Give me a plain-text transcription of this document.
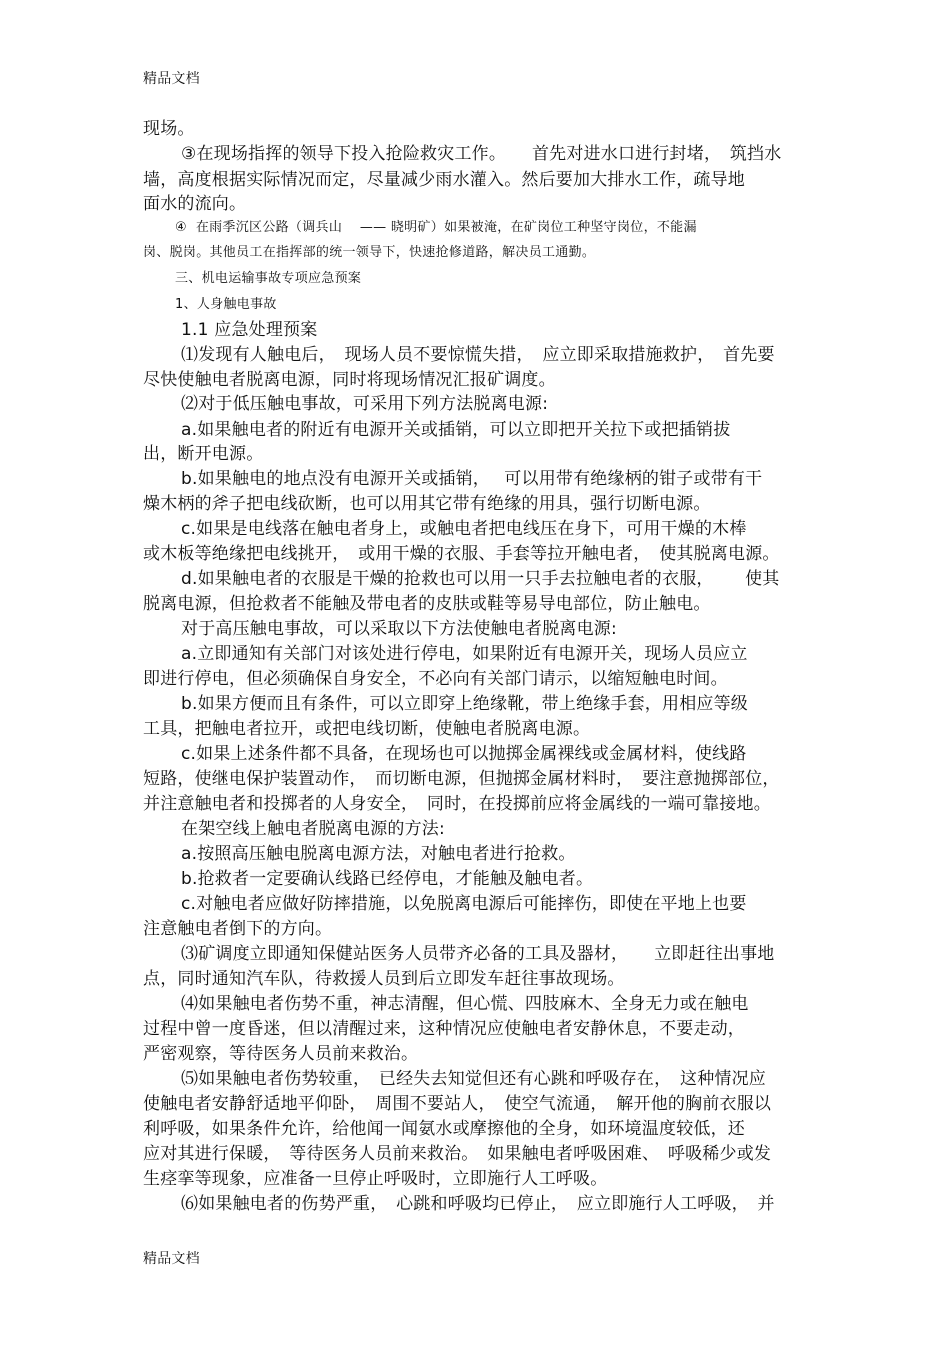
精品文档
现场。
③在现场指挥的领导下投入抢险救灾工作。　　首先对进水口进行封堵，　筑挡水
墙，高度根据实际情况而定，尽量减少雨水灌入。然后要加大排水工作，疏导地
面水的流向。
④  在雨季沉区公路（调兵山　 —— 晓明矿）如果被淹，在矿岗位工种坚守岗位，不能漏
岗、脱岗。其他员工在指挥部的统一领导下，快速抢修道路，解决员工通勤。
三、机电运输事故专项应急预案
1、人身触电事故
1.1 应急处理预案
⑴发现有人触电后，　现场人员不要惊慌失措，　应立即采取措施救护，　首先要
尽快使触电者脱离电源，同时将现场情况汇报矿调度。
⑵对于低压触电事故，可采用下列方法脱离电源:
a.如果触电者的附近有电源开关或插销，可以立即把开关拉下或把插销拔
出，断开电源。
b.如果触电的地点没有电源开关或插销，　 可以用带有绝缘柄的钳子或带有干
燥木柄的斧子把电线砍断，也可以用其它带有绝缘的用具，强行切断电源。
c.如果是电线落在触电者身上，或触电者把电线压在身下，可用干燥的木棒
或木板等绝缘把电线挑开，　或用干燥的衣服、手套等拉开触电者，　使其脱离电源。
d.如果触电者的衣服是干燥的抢救也可以用一只手去拉触电者的衣服，　　 使其
脱离电源，但抢救者不能触及带电者的皮肤或鞋等易导电部位，防止触电。
对于高压触电事故，可以采取以下方法使触电者脱离电源:
a.立即通知有关部门对该处进行停电，如果附近有电源开关，现场人员应立
即进行停电，但必须确保自身安全，不必向有关部门请示，以缩短触电时间。
b.如果方便而且有条件，可以立即穿上绝缘靴，带上绝缘手套，用相应等级
工具，把触电者拉开，或把电线切断，使触电者脱离电源。
c.如果上述条件都不具备，在现场也可以抛掷金属裸线或金属材料，使线路
短路，使继电保护装置动作，　而切断电源，但抛掷金属材料时，　要注意抛掷部位，
并注意触电者和投掷者的人身安全，　同时，在投掷前应将金属线的一端可靠接地。
在架空线上触电者脱离电源的方法:
a.按照高压触电脱离电源方法，对触电者进行抢救。
b.抢救者一定要确认线路已经停电，才能触及触电者。
c.对触电者应做好防摔措施，以免脱离电源后可能摔伤，即使在平地上也要
注意触电者倒下的方向。
⑶矿调度立即通知保健站医务人员带齐必备的工具及器材，　　立即赶往出事地
点，同时通知汽车队，待救援人员到后立即发车赶往事故现场。
⑷如果触电者伤势不重，神志清醒，但心慌、四肢麻木、全身无力或在触电
过程中曾一度昏迷，但以清醒过来，这种情况应使触电者安静休息，不要走动，
严密观察，等待医务人员前来救治。
⑸如果触电者伤势较重，　已经失去知觉但还有心跳和呼吸存在，　这种情况应
使触电者安静舒适地平仰卧，　周围不要站人，　使空气流通，　解开他的胸前衣服以
利呼吸，如果条件允许，给他闻一闻氨水或摩擦他的全身，如环境温度较低，还
应对其进行保暖，　等待医务人员前来救治。　如果触电者呼吸困难、　呼吸稀少或发
生痉挛等现象，应准备一旦停止呼吸时，立即施行人工呼吸。
⑹如果触电者的伤势严重，　心跳和呼吸均已停止，　应立即施行人工呼吸，　并
精品文档
